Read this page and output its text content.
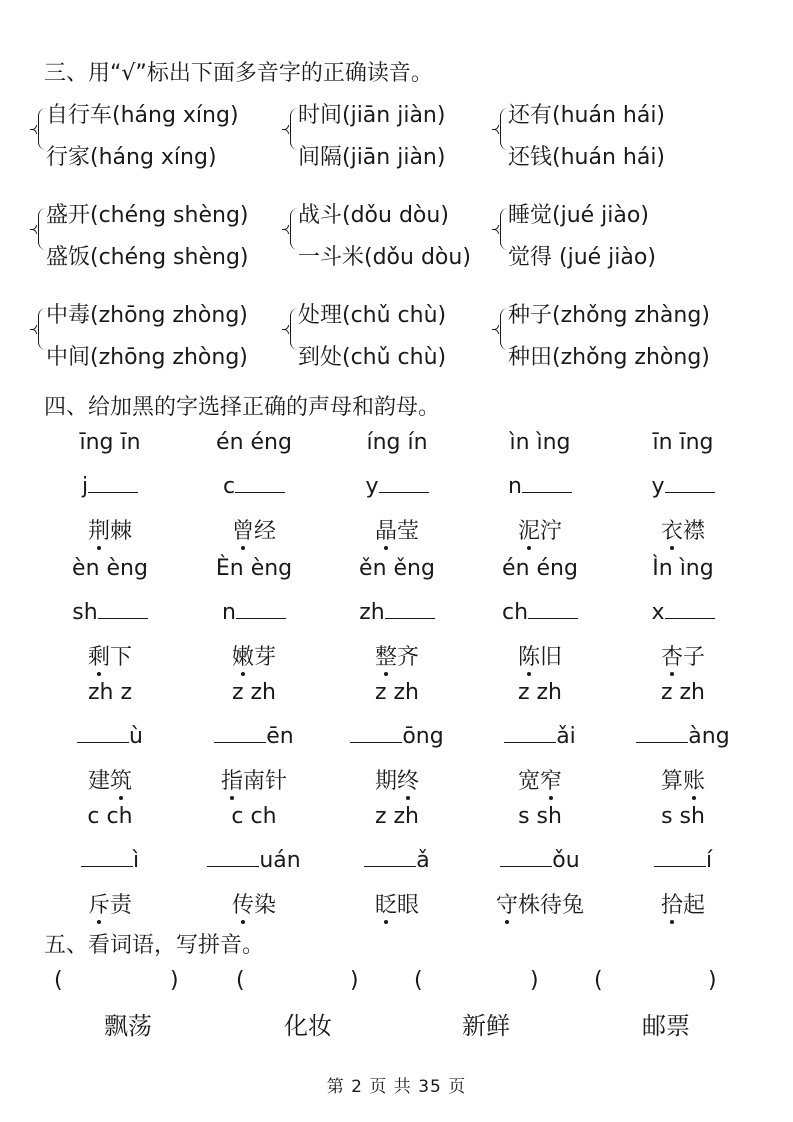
三、用“√”标出下面多音字的正确读音。
自行车(háng xíng)
行家(háng xíng)
时间(jiān jiàn)
间隔(jiān jiàn)
还有(huán hái)
还钱(huán hái)
盛开(chéng shèng)
盛饭(chéng shèng)
战斗(dǒu dòu)
一斗米(dǒu dòu)
睡觉(jué jiào)
觉得 (jué jiào)
中毒(zhōng zhòng)
中间(zhōng zhòng)
处理(chǔ chù)
到处(chǔ chù)
种子(zhǒng zhàng)
种田(zhǒng zhòng)
四、给加黑的字选择正确的声母和韵母。
īng īn	én éng	íng ín	ìn ìng	īn īng
j	c	y	n	y
荆棘	曾经	晶莹	泥泞	衣襟
èn èng	Èn èng	ěn ěng	én éng	Ìn ìng
sh	n	zh	ch	x
剩下	嫩芽	整齐	陈旧	杏子
zh z	z zh	z zh	z zh	z zh
ù	ēn	ōng	ǎi	àng
建筑	指南针	期终	宽窄	算账
c ch	c ch	z zh	s sh	s sh
ì	uán	ǎ	ǒu	í
斥责	传染	眨眼	守株待兔	拾起
五、看词语，写拼音。
(	)
飘荡
(	)
化妆
(	)
新鲜
(	)
邮票
第 2 页 共 35 页
